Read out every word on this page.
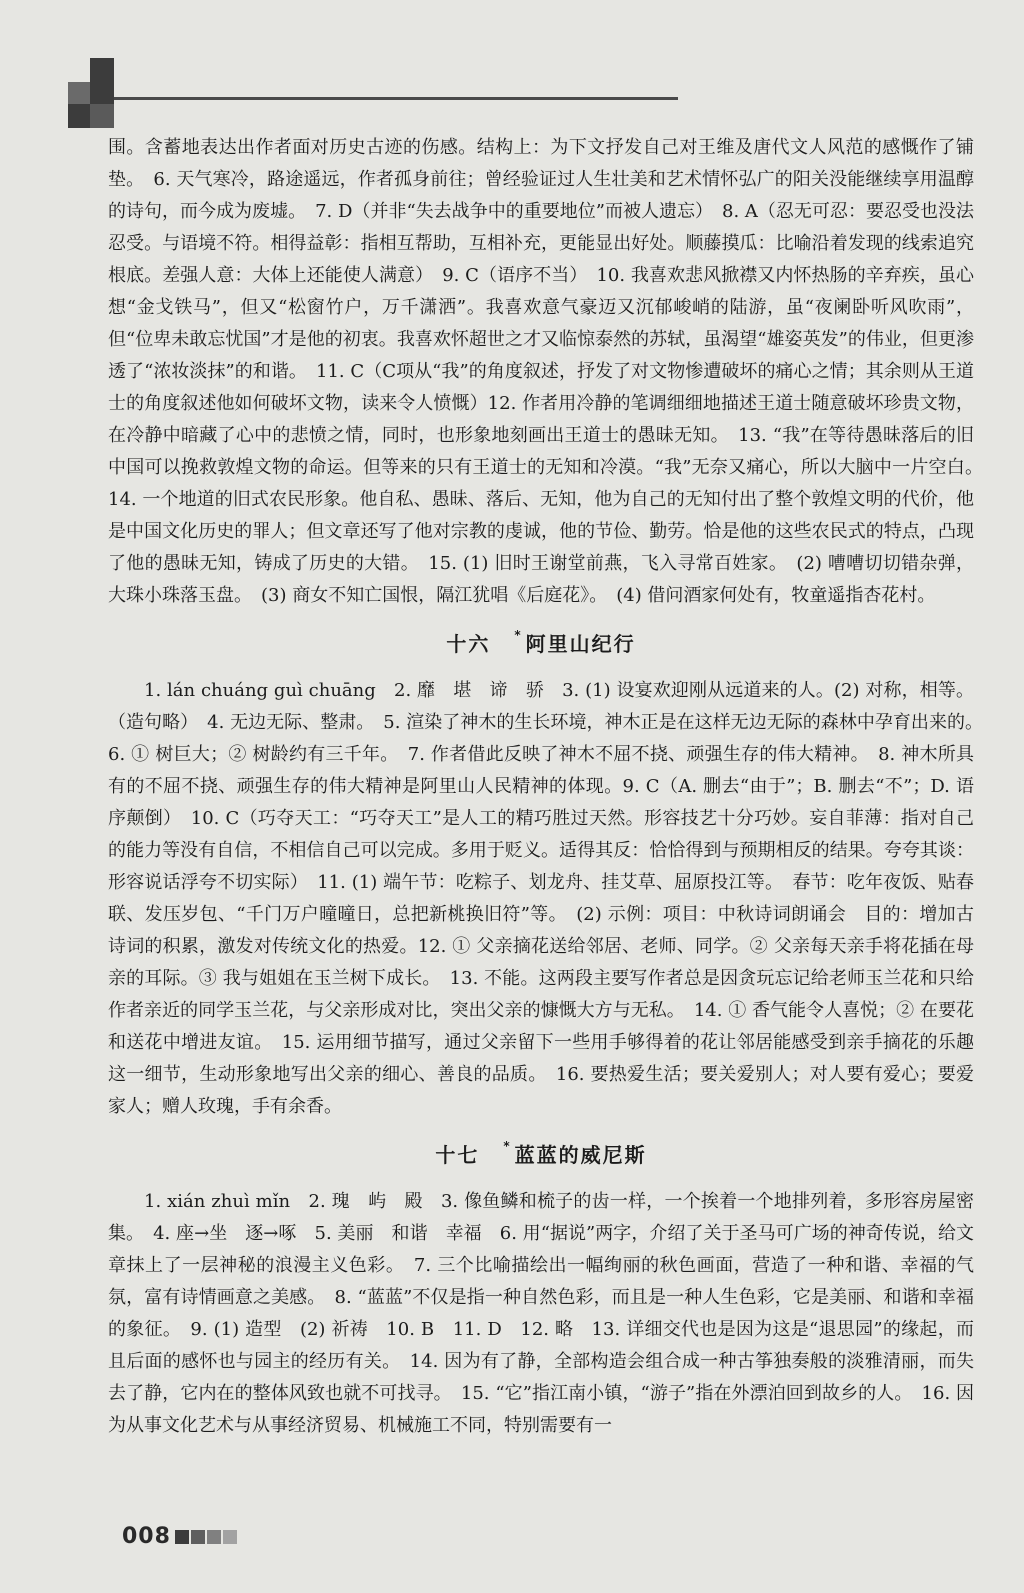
围。含蓄地表达出作者面对历史古迹的伤感。结构上：为下文抒发自己对王维及唐代文人风范的感慨作了铺垫。　6. 天气寒冷，路途遥远，作者孤身前往；曾经验证过人生壮美和艺术情怀弘广的阳关没能继续享用温醇的诗句，而今成为废墟。　7. D（并非“失去战争中的重要地位”而被人遗忘）　8. A（忍无可忍：要忍受也没法忍受。与语境不符。相得益彰：指相互帮助，互相补充，更能显出好处。顺藤摸瓜：比喻沿着发现的线索追究根底。差强人意：大体上还能使人满意）　9. C（语序不当）　10. 我喜欢悲风掀襟又内怀热肠的辛弃疾，虽心想“金戈铁马”，但又“松窗竹户，万千潇洒”。我喜欢意气豪迈又沉郁峻峭的陆游，虽“夜阑卧听风吹雨”，但“位卑未敢忘忧国”才是他的初衷。我喜欢怀超世之才又临惊泰然的苏轼，虽渴望“雄姿英发”的伟业，但更渗透了“浓妆淡抹”的和谐。　11. C（C项从“我”的角度叙述，抒发了对文物惨遭破坏的痛心之情；其余则从王道士的角度叙述他如何破坏文物，读来令人愤慨）12. 作者用冷静的笔调细细地描述王道士随意破坏珍贵文物，在冷静中暗藏了心中的悲愤之情，同时，也形象地刻画出王道士的愚昧无知。　13. “我”在等待愚昧落后的旧中国可以挽救敦煌文物的命运。但等来的只有王道士的无知和冷漠。“我”无奈又痛心，所以大脑中一片空白。　14. 一个地道的旧式农民形象。他自私、愚昧、落后、无知，他为自己的无知付出了整个敦煌文明的代价，他是中国文化历史的罪人；但文章还写了他对宗教的虔诚，他的节俭、勤劳。恰是他的这些农民式的特点，凸现了他的愚昧无知，铸成了历史的大错。　15. (1) 旧时王谢堂前燕，飞入寻常百姓家。　(2) 嘈嘈切切错杂弹，大珠小珠落玉盘。　(3) 商女不知亡国恨，隔江犹唱《后庭花》。　(4) 借问酒家何处有，牧童遥指杏花村。

十六 * 阿里山纪行

1. lán chuáng guì chuāng　2. 靡　堪　谛　骄　3. (1) 设宴欢迎刚从远道来的人。(2) 对称，相等。（造句略）　4. 无边无际、整肃。　5. 渲染了神木的生长环境，神木正是在这样无边无际的森林中孕育出来的。　6. ① 树巨大；② 树龄约有三千年。　7. 作者借此反映了神木不屈不挠、顽强生存的伟大精神。　8. 神木所具有的不屈不挠、顽强生存的伟大精神是阿里山人民精神的体现。9. C（A. 删去“由于”；B. 删去“不”；D. 语序颠倒）　10. C（巧夺天工：“巧夺天工”是人工的精巧胜过天然。形容技艺十分巧妙。妄自菲薄：指对自己的能力等没有自信，不相信自己可以完成。多用于贬义。适得其反：恰恰得到与预期相反的结果。夸夸其谈：形容说话浮夸不切实际）　11. (1) 端午节：吃粽子、划龙舟、挂艾草、屈原投江等。　春节：吃年夜饭、贴春联、发压岁包、“千门万户曈曈日，总把新桃换旧符”等。　(2) 示例：项目：中秋诗词朗诵会　目的：增加古诗词的积累，激发对传统文化的热爱。12. ① 父亲摘花送给邻居、老师、同学。② 父亲每天亲手将花插在母亲的耳际。③ 我与姐姐在玉兰树下成长。　13. 不能。这两段主要写作者总是因贪玩忘记给老师玉兰花和只给作者亲近的同学玉兰花，与父亲形成对比，突出父亲的慷慨大方与无私。　14. ① 香气能令人喜悦；② 在要花和送花中增进友谊。　15. 运用细节描写，通过父亲留下一些用手够得着的花让邻居能感受到亲手摘花的乐趣这一细节，生动形象地写出父亲的细心、善良的品质。　16. 要热爱生活；要关爱别人；对人要有爱心；要爱家人；赠人玫瑰，手有余香。

十七 * 蓝蓝的威尼斯

1. xián zhuì mǐn　2. 瑰　屿　殿　3. 像鱼鳞和梳子的齿一样，一个挨着一个地排列着，多形容房屋密集。　4. 座→坐　逐→啄　5. 美丽　和谐　幸福　6. 用“据说”两字，介绍了关于圣马可广场的神奇传说，给文章抹上了一层神秘的浪漫主义色彩。　7. 三个比喻描绘出一幅绚丽的秋色画面，营造了一种和谐、幸福的气氛，富有诗情画意之美感。　8. “蓝蓝”不仅是指一种自然色彩，而且是一种人生色彩，它是美丽、和谐和幸福的象征。　9. (1) 造型　(2) 祈祷　10. B　11. D　12. 略　13. 详细交代也是因为这是“退思园”的缘起，而且后面的感怀也与园主的经历有关。　14. 因为有了静，全部构造会组合成一种古筝独奏般的淡雅清丽，而失去了静，它内在的整体风致也就不可找寻。　15. “它”指江南小镇，“游子”指在外漂泊回到故乡的人。　16. 因为从事文化艺术与从事经济贸易、机械施工不同，特别需要有一

008
